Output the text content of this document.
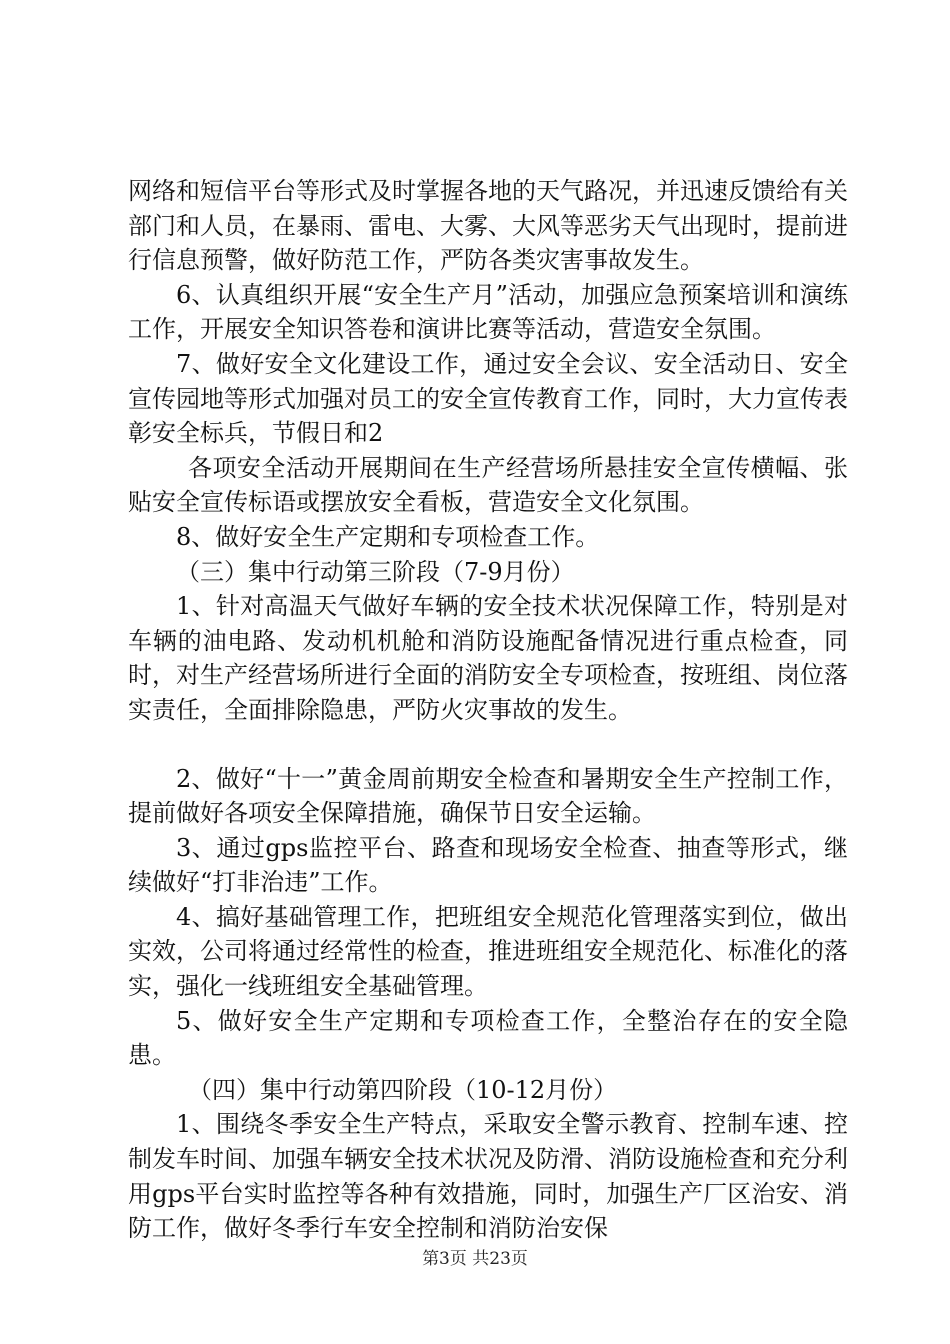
网络和短信平台等形式及时掌握各地的天气路况，并迅速反馈给有关部门和人员，在暴雨、雷电、大雾、大风等恶劣天气出现时，提前进行信息预警，做好防范工作，严防各类灾害事故发生。

6、认真组织开展“安全生产月”活动，加强应急预案培训和演练工作，开展安全知识答卷和演讲比赛等活动，营造安全氛围。

7、做好安全文化建设工作，通过安全会议、安全活动日、安全宣传园地等形式加强对员工的安全宣传教育工作，同时，大力宣传表彰安全标兵，节假日和2

各项安全活动开展期间在生产经营场所悬挂安全宣传横幅、张贴安全宣传标语或摆放安全看板，营造安全文化氛围。

8、做好安全生产定期和专项检查工作。

（三）集中行动第三阶段（7-9月份）

1、针对高温天气做好车辆的安全技术状况保障工作，特别是对车辆的油电路、发动机机舱和消防设施配备情况进行重点检查，同时，对生产经营场所进行全面的消防安全专项检查，按班组、岗位落实责任，全面排除隐患，严防火灾事故的发生。

2、做好“十一”黄金周前期安全检查和暑期安全生产控制工作，提前做好各项安全保障措施，确保节日安全运输。

3、通过gps监控平台、路查和现场安全检查、抽查等形式，继续做好“打非治违”工作。

4、搞好基础管理工作，把班组安全规范化管理落实到位，做出实效，公司将通过经常性的检查，推进班组安全规范化、标准化的落实，强化一线班组安全基础管理。

5、做好安全生产定期和专项检查工作，全整治存在的安全隐患。

（四）集中行动第四阶段（10-12月份）

1、围绕冬季安全生产特点，采取安全警示教育、控制车速、控制发车时间、加强车辆安全技术状况及防滑、消防设施检查和充分利用gps平台实时监控等各种有效措施，同时，加强生产厂区治安、消防工作，做好冬季行车安全控制和消防治安保

第3页 共23页
